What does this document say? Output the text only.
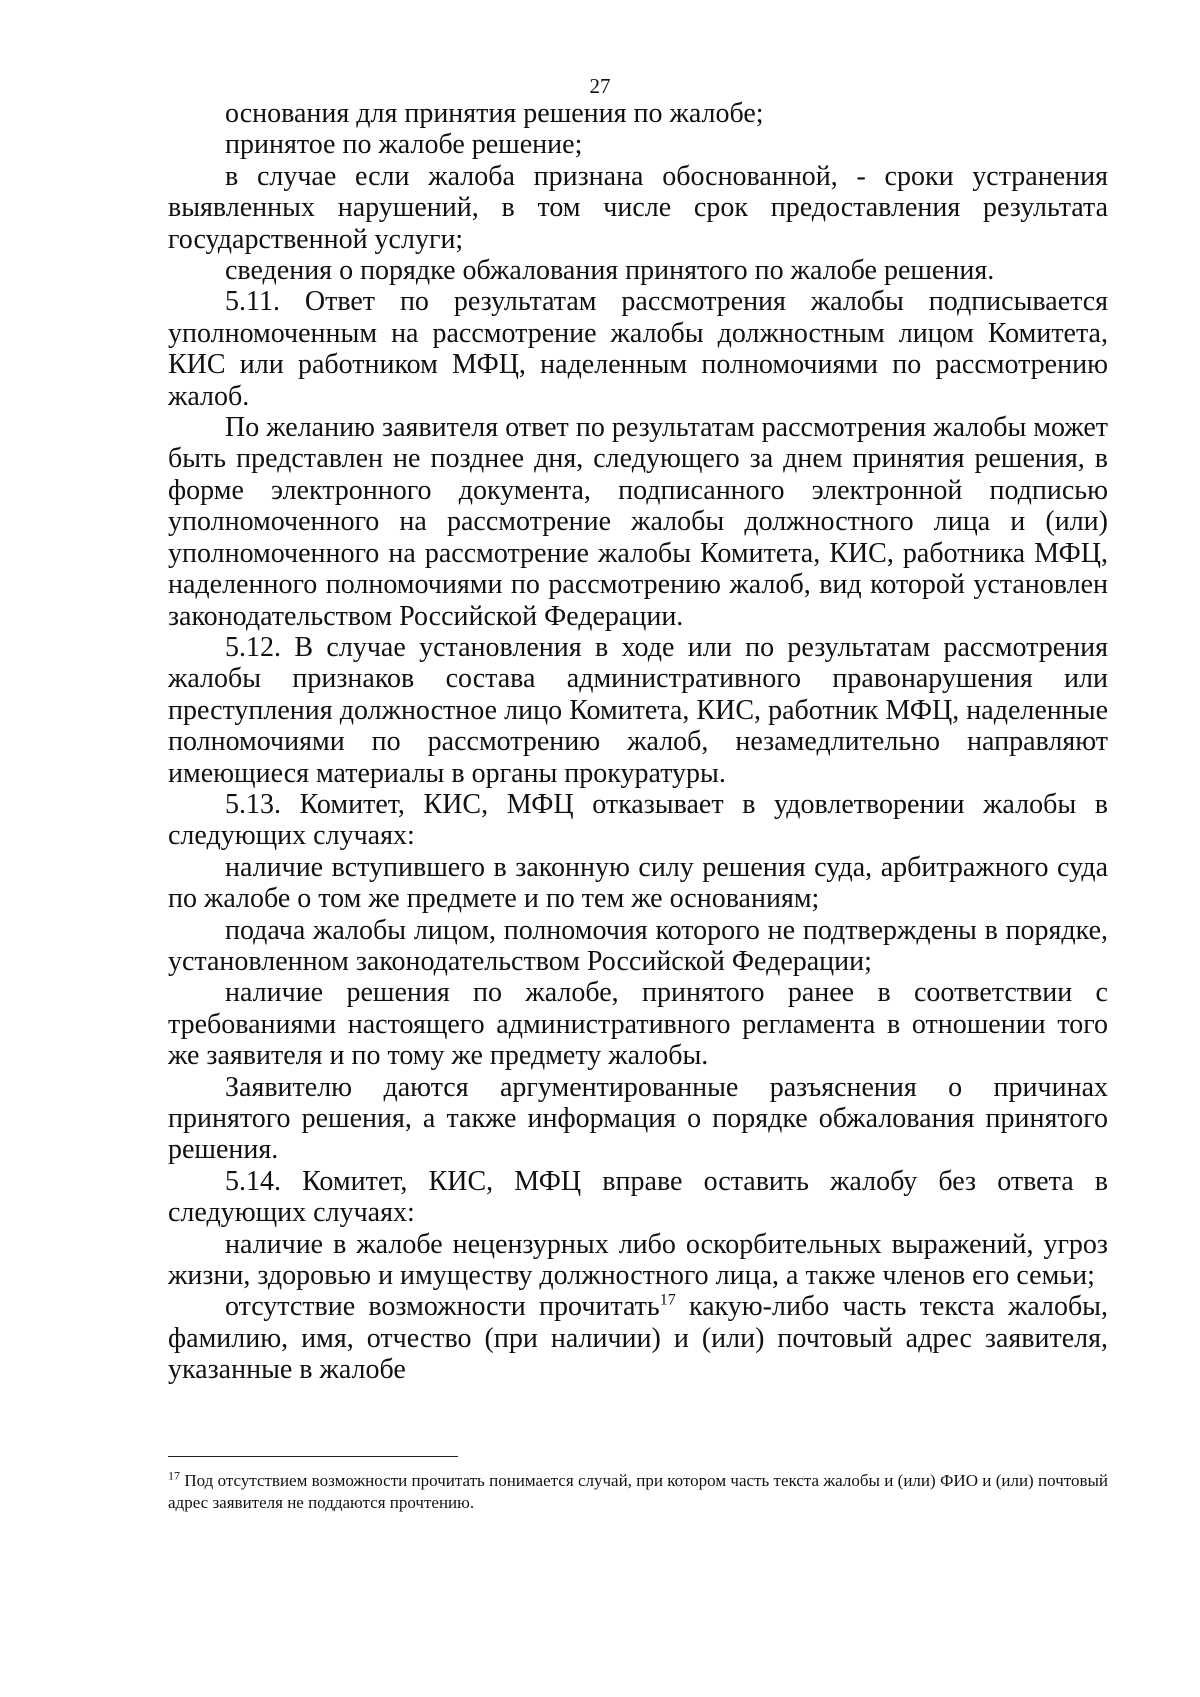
27

основания для принятия решения по жалобе;

принятое по жалобе решение;

в случае если жалоба признана обоснованной, - сроки устранения выявленных нарушений, в том числе срок предоставления результата государственной услуги;

сведения о порядке обжалования принятого по жалобе решения.

5.11. Ответ по результатам рассмотрения жалобы подписывается уполномоченным на рассмотрение жалобы должностным лицом Комитета, КИС или работником МФЦ, наделенным полномочиями по рассмотрению жалоб.

По желанию заявителя ответ по результатам рассмотрения жалобы может быть представлен не позднее дня, следующего за днем принятия решения, в форме электронного документа, подписанного электронной подписью уполномоченного на рассмотрение жалобы должностного лица и (или) уполномоченного на рассмотрение жалобы Комитета, КИС, работника МФЦ, наделенного полномочиями по рассмотрению жалоб, вид которой установлен законодательством Российской Федерации.

5.12. В случае установления в ходе или по результатам рассмотрения жалобы признаков состава административного правонарушения или преступления должностное лицо Комитета, КИС, работник МФЦ, наделенные полномочиями по рассмотрению жалоб, незамедлительно направляют имеющиеся материалы в органы прокуратуры.

5.13. Комитет, КИС, МФЦ отказывает в удовлетворении жалобы в следующих случаях:

наличие вступившего в законную силу решения суда, арбитражного суда по жалобе о том же предмете и по тем же основаниям;

подача жалобы лицом, полномочия которого не подтверждены в порядке, установленном законодательством Российской Федерации;

наличие решения по жалобе, принятого ранее в соответствии с требованиями настоящего административного регламента в отношении того же заявителя и по тому же предмету жалобы.

Заявителю даются аргументированные разъяснения о причинах принятого решения, а также информация о порядке обжалования принятого решения.

5.14. Комитет, КИС, МФЦ вправе оставить жалобу без ответа в следующих случаях:

наличие в жалобе нецензурных либо оскорбительных выражений, угроз жизни, здоровью и имуществу должностного лица, а также членов его семьи;

отсутствие возможности прочитать$^{17}$ какую-либо часть текста жалобы, фамилию, имя, отчество (при наличии) и (или) почтовый адрес заявителя, указанные в жалобе

$^{17}$ Под отсутствием возможности прочитать понимается случай, при котором часть текста жалобы и (или) ФИО и (или) почтовый адрес заявителя не поддаются прочтению.
